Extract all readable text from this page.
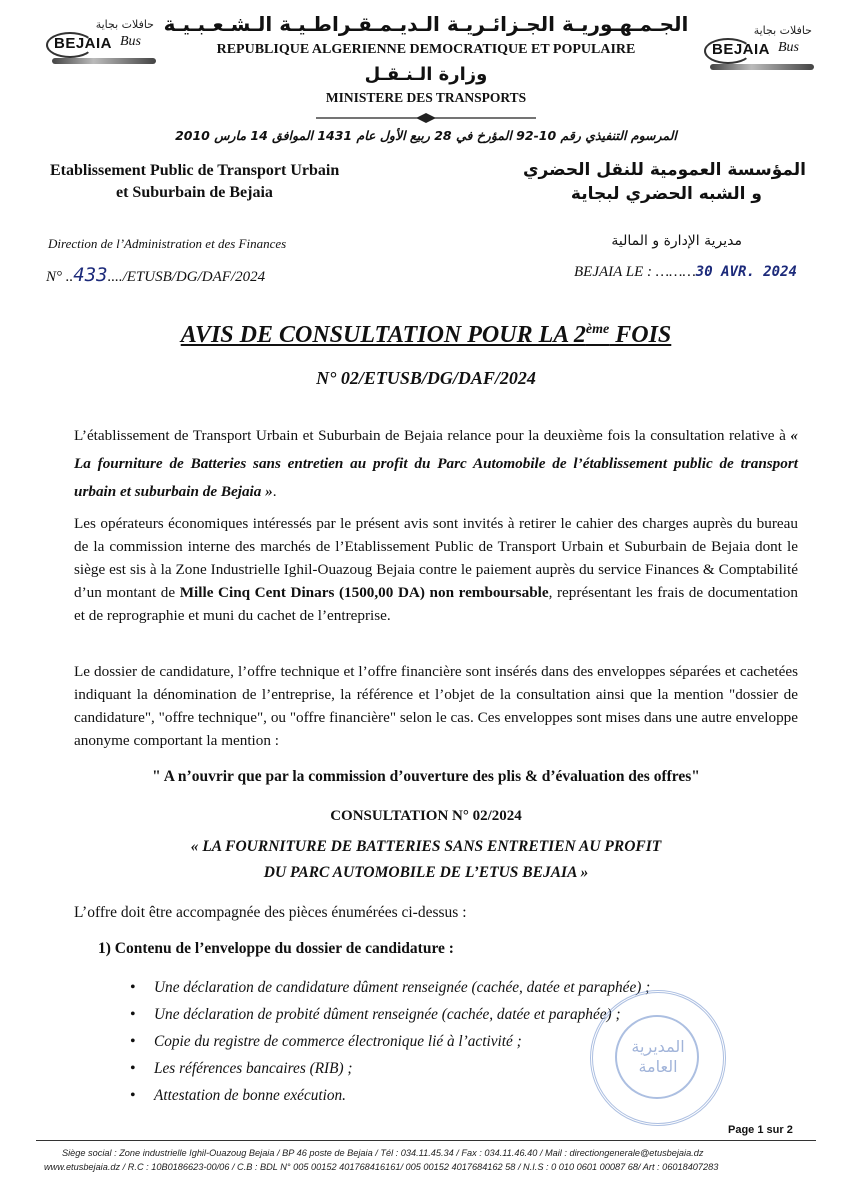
حافلات بجاية
BEJAIA Bus
حافلات بجاية
BEJAIA Bus
الجـمـهـوريـة الجـزائـريـة الـديـمـقـراطـيـة الـشـعـبـيـة
REPUBLIQUE ALGERIENNE DEMOCRATIQUE ET POPULAIRE
وزارة الـنـقـل
MINISTERE DES TRANSPORTS
المرسوم التنفيذي رقم 10-92 المؤرخ في 28 ربيع الأول عام 1431 الموافق 14 مارس 2010
Etablissement Public de Transport Urbain
et Suburbain de Bejaia
المؤسسة العمومية للنقل الحضري
و الشبه الحضري لبجاية
Direction de l’Administration et des Finances	مديرية الإدارة و المالية
N° ..433..../ETUSB/DG/DAF/2024	BEJAIA LE : ………30 AVR. 2024
AVIS DE CONSULTATION POUR LA 2ème FOIS
N° 02/ETUSB/DG/DAF/2024
L’établissement de Transport Urbain et Suburbain de Bejaia relance pour la deuxième fois la consultation relative à « La fourniture de Batteries sans entretien au profit du Parc Automobile de l’établissement public de transport urbain et suburbain de Bejaia ».
Les opérateurs économiques intéressés par le présent avis sont invités à retirer le cahier des charges auprès du bureau de la commission interne des marchés de l’Etablissement Public de Transport Urbain et Suburbain de Bejaia dont le siège est sis à la Zone Industrielle Ighil-Ouazoug Bejaia contre le paiement auprès du service Finances & Comptabilité d’un montant de Mille Cinq Cent Dinars (1500,00 DA) non remboursable, représentant les frais de documentation et de reprographie et muni du cachet de l’entreprise.
Le dossier de candidature, l’offre technique et l’offre financière sont insérés dans des enveloppes séparées et cachetées indiquant la dénomination de l’entreprise, la référence et l’objet de la consultation ainsi que la mention "dossier de candidature", "offre technique", ou "offre financière" selon le cas. Ces enveloppes sont mises dans une autre enveloppe anonyme comportant la mention :
" A n’ouvrir que par la commission d’ouverture des plis & d’évaluation des offres"
CONSULTATION N° 02/2024
« LA FOURNITURE DE BATTERIES SANS ENTRETIEN AU PROFIT
DU PARC AUTOMOBILE DE L’ETUS BEJAIA »
L’offre doit être accompagnée des pièces énumérées ci-dessus :
1) Contenu de l’enveloppe du dossier de candidature :
• Une déclaration de candidature dûment renseignée (cachée, datée et paraphée) ;
• Une déclaration de probité dûment renseignée (cachée, datée et paraphée) ;
• Copie du registre de commerce électronique lié à l’activité ;
• Les références bancaires (RIB) ;
• Attestation de bonne exécution.
المديرية العامة
Page 1 sur 2
Siège social : Zone industrielle Ighil-Ouazoug Bejaia / BP 46 poste de Bejaia / Tél : 034.11.45.34 / Fax : 034.11.46.40 / Mail : directiongenerale@etusbejaia.dz
www.etusbejaia.dz / R.C : 10B0186623-00/06 / C.B : BDL N° 005 00152 401768416161/ 005 00152 4017684162 58 / N.I.S : 0 010 0601 00087 68/ Art : 06018407283
